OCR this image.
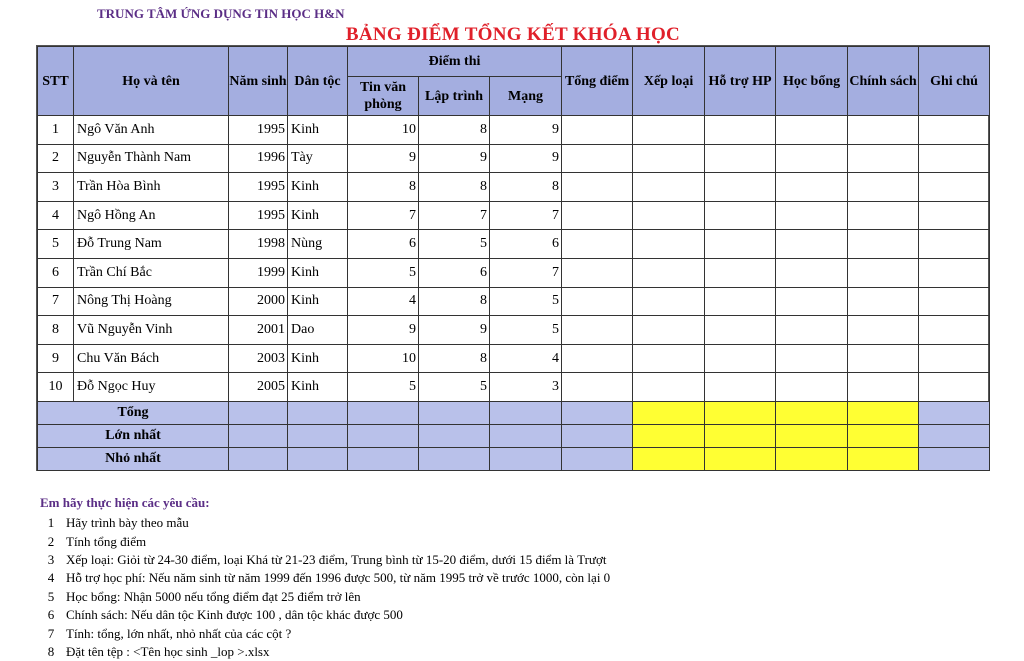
TRUNG TÂM ỨNG DỤNG TIN HỌC H&N
BẢNG ĐIỂM TỔNG KẾT KHÓA HỌC
STT	Họ và tên	Năm sinh	Dân tộc	Điểm thi			Tổng điểm	Xếp loại	Hỗ trợ HP	Học bổng	Chính sách	Ghi chú
				Tin văn phòng	Lập trình	Mạng						
1	Ngô Văn Anh	1995	Kinh	10	8	9						
2	Nguyễn Thành Nam	1996	Tày	9	9	9						
3	Trần Hòa Bình	1995	Kinh	8	8	8						
4	Ngô Hồng An	1995	Kinh	7	7	7						
5	Đỗ Trung Nam	1998	Nùng	6	5	6						
6	Trần Chí Bắc	1999	Kinh	5	6	7						
7	Nông Thị Hoàng	2000	Kinh	4	8	5						
8	Vũ Nguyễn Vinh	2001	Dao	9	9	5						
9	Chu Văn Bách	2003	Kinh	10	8	4						
10	Đỗ Ngọc Huy	2005	Kinh	5	5	3						
Tổng												
Lớn nhất												
Nhỏ nhất												
Em hãy thực hiện các yêu cầu:
1 Hãy trình bày theo mẫu
2 Tính tổng điểm
3 Xếp loại: Giỏi từ 24-30 điểm, loại Khá từ 21-23 điểm, Trung bình từ 15-20 điểm, dưới 15 điểm là Trượt
4 Hỗ trợ học phí: Nếu năm sinh từ năm 1999 đến 1996 được 500, từ năm 1995 trở về trước 1000, còn lại 0
5 Học bổng: Nhận 5000 nếu tổng điểm đạt 25 điểm trở lên
6 Chính sách: Nếu dân tộc Kinh được 100 , dân tộc khác được 500
7 Tính: tổng, lớn nhất, nhỏ nhất của các cột ?
8 Đặt tên tệp : <Tên học sinh _lop >.xlsx
